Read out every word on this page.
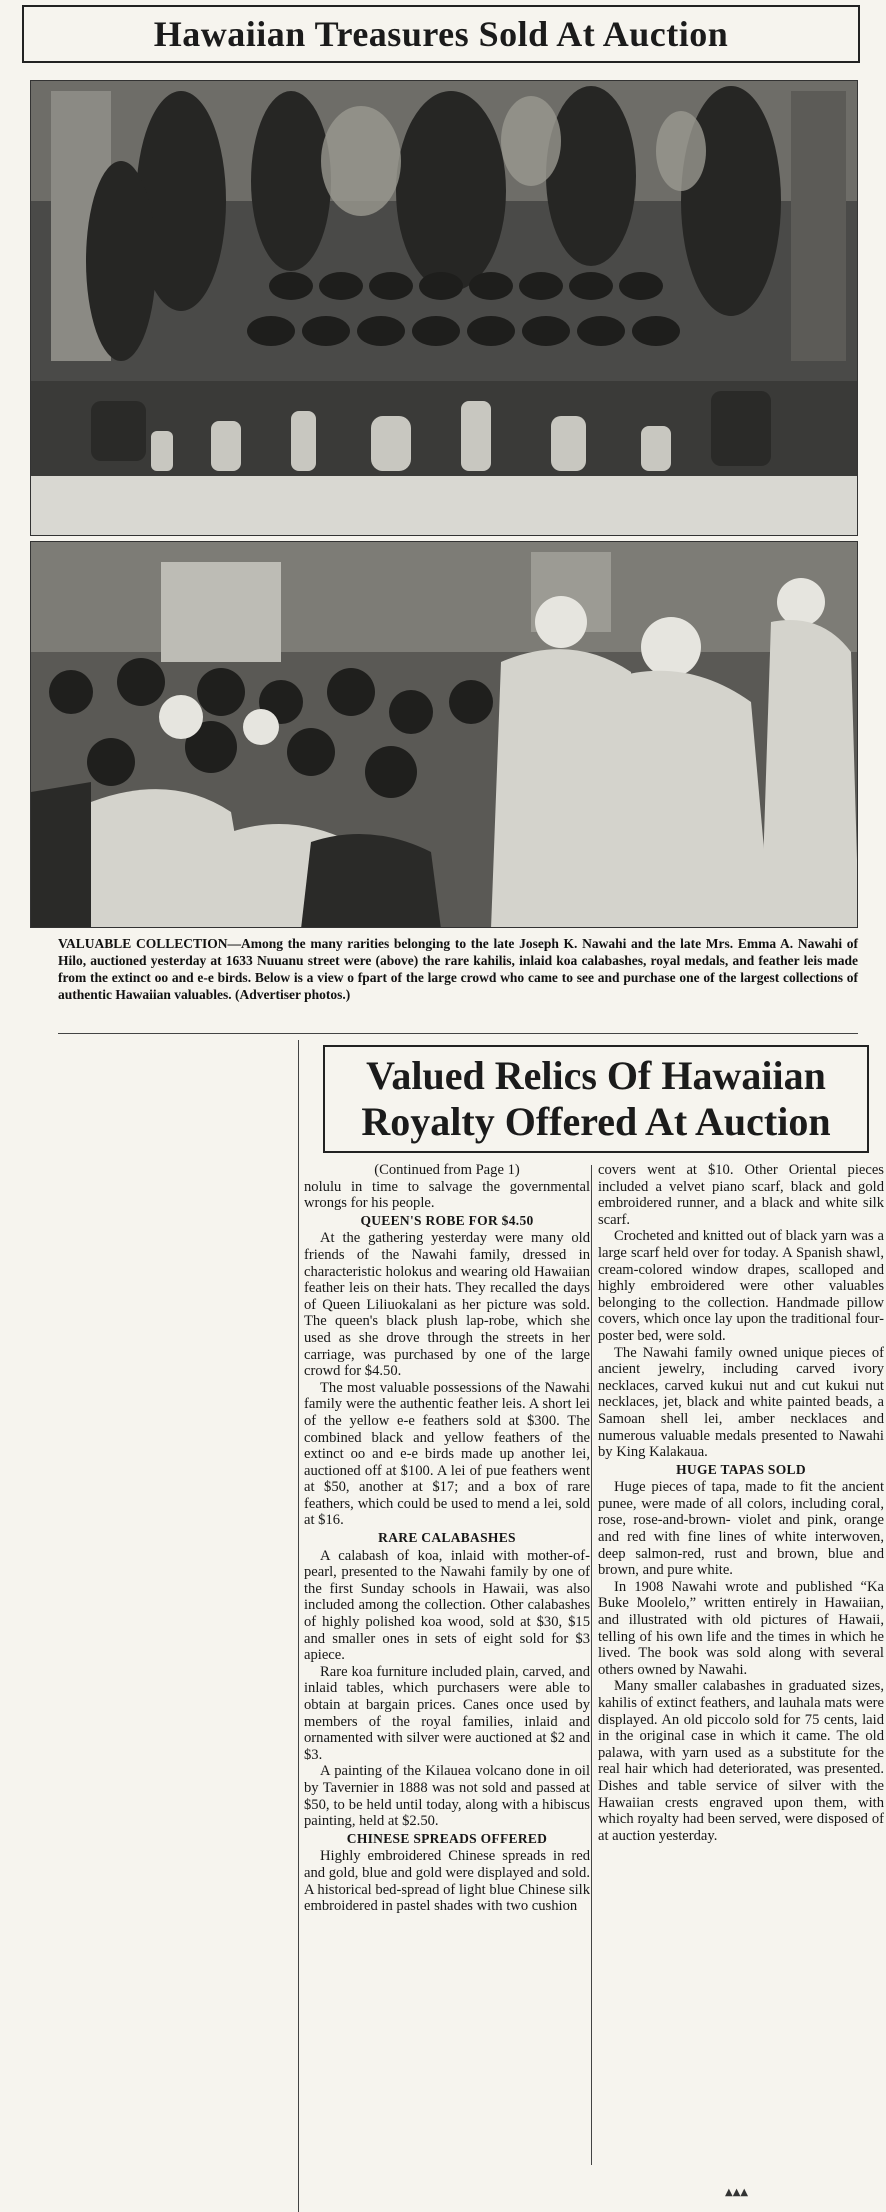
Hawaiian Treasures Sold At Auction
VALUABLE COLLECTION—Among the many rarities belonging to the late Joseph K. Nawahi and the late Mrs. Emma A. Nawahi of Hilo, auctioned yesterday at 1633 Nuuanu street were (above) the rare kahilis, inlaid koa calabashes, royal medals, and feather leis made from the extinct oo and e-e birds. Below is a view o fpart of the large crowd who came to see and purchase one of the largest collections of authentic Hawaiian valuables. (Advertiser photos.)
Valued Relics Of Hawaiian
Royalty Offered At Auction

(Continued from Page 1)

nolulu in time to salvage the governmental wrongs for his people.

QUEEN'S ROBE FOR $4.50

At the gathering yesterday were many old friends of the Nawahi family, dressed in characteristic holokus and wearing old Hawaiian feather leis on their hats. They recalled the days of Queen Liliuokalani as her picture was sold. The queen's black plush lap-robe, which she used as she drove through the streets in her carriage, was purchased by one of the large crowd for $4.50.

The most valuable possessions of the Nawahi family were the authentic feather leis. A short lei of the yellow e-e feathers sold at $300. The combined black and yellow feathers of the extinct oo and e-e birds made up another lei, auctioned off at $100. A lei of pue feathers went at $50, another at $17; and a box of rare feathers, which could be used to mend a lei, sold at $16.

RARE CALABASHES

A calabash of koa, inlaid with mother-of-pearl, presented to the Nawahi family by one of the first Sunday schools in Hawaii, was also included among the collection. Other calabashes of highly polished koa wood, sold at $30, $15 and smaller ones in sets of eight sold for $3 apiece.

Rare koa furniture included plain, carved, and inlaid tables, which purchasers were able to obtain at bargain prices. Canes once used by members of the royal families, inlaid and ornamented with silver were auctioned at $2 and $3.

A painting of the Kilauea volcano done in oil by Tavernier in 1888 was not sold and passed at $50, to be held until today, along with a hibiscus painting, held at $2.50.

CHINESE SPREADS OFFERED

Highly embroidered Chinese spreads in red and gold, blue and gold were displayed and sold. A historical bed-spread of light blue Chinese silk embroidered in pastel shades with two cushion

covers went at $10. Other Oriental pieces included a velvet piano scarf, black and gold embroidered runner, and a black and white silk scarf.

Crocheted and knitted out of black yarn was a large scarf held over for today. A Spanish shawl, cream-colored window drapes, scalloped and highly embroidered were other valuables belonging to the collection. Handmade pillow covers, which once lay upon the traditional four-poster bed, were sold.

The Nawahi family owned unique pieces of ancient jewelry, including carved ivory necklaces, carved kukui nut and cut kukui nut necklaces, jet, black and white painted beads, a Samoan shell lei, amber necklaces and numerous valuable medals presented to Nawahi by King Kalakaua.

HUGE TAPAS SOLD

Huge pieces of tapa, made to fit the ancient punee, were made of all colors, including coral, rose, rose-and-brown- violet and pink, orange and red with fine lines of white interwoven, deep salmon-red, rust and brown, blue and brown, and pure white.

In 1908 Nawahi wrote and published “Ka Buke Moolelo,” written entirely in Hawaiian, and illustrated with old pictures of Hawaii, telling of his own life and the times in which he lived. The book was sold along with several others owned by Nawahi.

Many smaller calabashes in graduated sizes, kahilis of extinct feathers, and lauhala mats were displayed. An old piccolo sold for 75 cents, laid in the original case in which it came. The old palawa, with yarn used as a substitute for the real hair which had deteriorated, was presented. Dishes and table service of silver with the Hawaiian crests engraved upon them, with which royalty had been served, were disposed of at auction yesterday.

▲▲▲
